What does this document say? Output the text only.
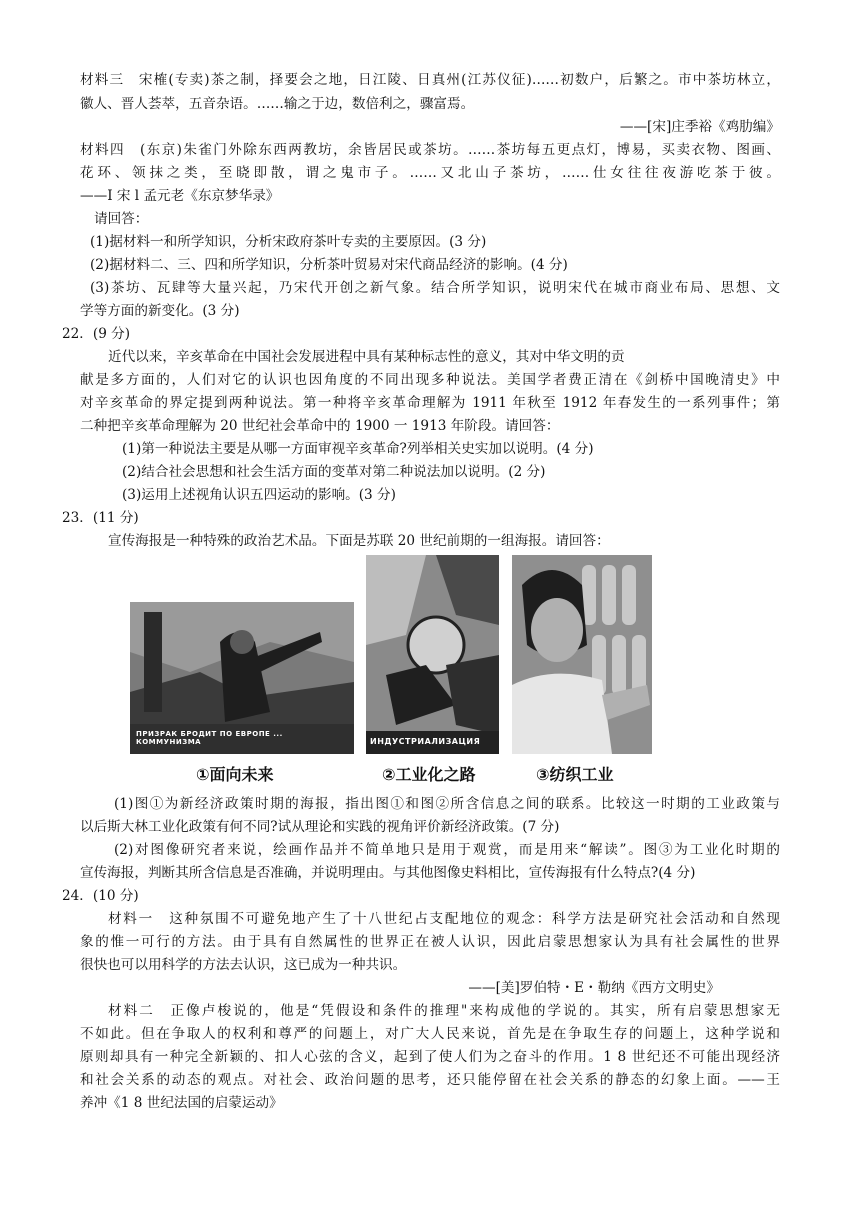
材料三　宋榷(专卖)茶之制，择要会之地，日江陵、日真州(江苏仪征)……初数户，后繁之。市中茶坊林立，
徽人、晋人荟萃，五音杂语。……输之于边，数倍利之，骤富焉。
——[宋]庄季裕《鸡肋编》
材料四　(东京)朱雀门外除东西两教坊，余皆居民或茶坊。……茶坊每五更点灯，博易，买卖衣物、图画、
花环、领抹之类，至晓即散，谓之鬼市子。……又北山子茶坊，……仕女往往夜游吃茶于彼。
——I 宋 l 孟元老《东京梦华录》
请回答：
(1)据材料一和所学知识，分析宋政府茶叶专卖的主要原因。(3 分)
(2)据材料二、三、四和所学知识，分析茶叶贸易对宋代商品经济的影响。(4 分)
(3)茶坊、瓦肆等大量兴起，乃宋代开创之新气象。结合所学知识，说明宋代在城市商业布局、思想、文
学等方面的新变化。(3 分)
22．(9 分)
近代以来，辛亥革命在中国社会发展进程中具有某种标志性的意义，其对中华文明的贡
献是多方面的，人们对它的认识也因角度的不同出现多种说法。美国学者费正清在《剑桥中国晚清史》中
对辛亥革命的界定提到两种说法。第一种将辛亥革命理解为 1911 年秋至 1912 年春发生的一系列事件；第
二种把辛亥革命理解为 20 世纪社会革命中的 1900 一 1913 年阶段。请回答：
(1)第一种说法主要是从哪一方面审视辛亥革命?列举相关史实加以说明。(4 分)
(2)结合社会思想和社会生活方面的变革对第二种说法加以说明。(2 分)
(3)运用上述视角认识五四运动的影响。(3 分)
23．(11 分)
宣传海报是一种特殊的政治艺术品。下面是苏联 20 世纪前期的一组海报。请回答：
ПРИЗРАК БРОДИТ ПО ЕВРОПЕ ... КОММУНИЗМА
①面向未来
ИНДУСТРИАЛИЗАЦИЯ
②工业化之路	③纺织工业
(1)图①为新经济政策时期的海报，指出图①和图②所含信息之间的联系。比较这一时期的工业政策与
以后斯大林工业化政策有何不同?试从理论和实践的视角评价新经济政策。(7 分)
(2)对图像研究者来说，绘画作品并不简单地只是用于观赏，而是用来“解读”。图③为工业化时期的
宣传海报，判断其所含信息是否准确，并说明理由。与其他图像史料相比，宣传海报有什么特点?(4 分)
24．(10 分)
材料一　这种氛围不可避免地产生了十八世纪占支配地位的观念：科学方法是研究社会活动和自然现
象的惟一可行的方法。由于具有自然属性的世界正在被人认识，因此启蒙思想家认为具有社会属性的世界
很快也可以用科学的方法去认识，这已成为一种共识。
——[美]罗伯特・E・勒纳《西方文明史》
材料二　正像卢梭说的，他是“凭假设和条件的推理"来构成他的学说的。其实，所有启蒙思想家无
不如此。但在争取人的权利和尊严的问题上，对广大人民来说，首先是在争取生存的问题上，这种学说和
原则却具有一种完全新颖的、扣人心弦的含义，起到了使人们为之奋斗的作用。1 8 世纪还不可能出现经济
和社会关系的动态的观点。对社会、政治问题的思考，还只能停留在社会关系的静态的幻象上面。——王
养冲《1 8 世纪法国的启蒙运动》
